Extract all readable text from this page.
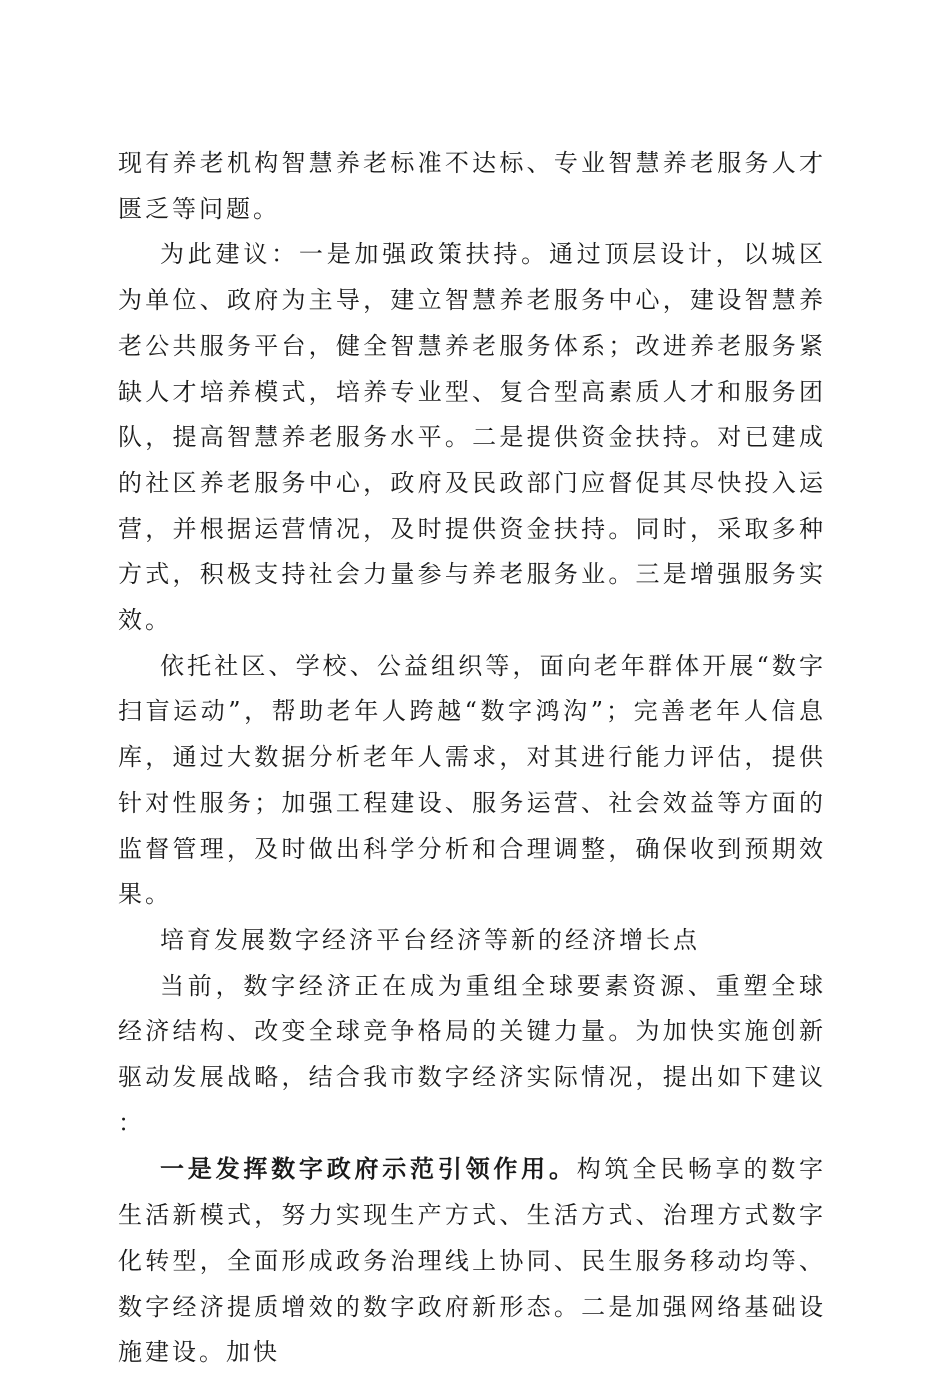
现有养老机构智慧养老标准不达标、专业智慧养老服务人才匮乏等问题。

为此建议：一是加强政策扶持。通过顶层设计，以城区为单位、政府为主导，建立智慧养老服务中心，建设智慧养老公共服务平台，健全智慧养老服务体系；改进养老服务紧缺人才培养模式，培养专业型、复合型高素质人才和服务团队，提高智慧养老服务水平。二是提供资金扶持。对已建成的社区养老服务中心，政府及民政部门应督促其尽快投入运营，并根据运营情况，及时提供资金扶持。同时，采取多种方式，积极支持社会力量参与养老服务业。三是增强服务实效。

依托社区、学校、公益组织等，面向老年群体开展“数字扫盲运动”，帮助老年人跨越“数字鸿沟”；完善老年人信息库，通过大数据分析老年人需求，对其进行能力评估，提供针对性服务；加强工程建设、服务运营、社会效益等方面的监督管理，及时做出科学分析和合理调整，确保收到预期效果。

培育发展数字经济平台经济等新的经济增长点

当前，数字经济正在成为重组全球要素资源、重塑全球经济结构、改变全球竞争格局的关键力量。为加快实施创新驱动发展战略，结合我市数字经济实际情况，提出如下建议：

一是发挥数字政府示范引领作用。构筑全民畅享的数字生活新模式，努力实现生产方式、生活方式、治理方式数字化转型，全面形成政务治理线上协同、民生服务移动均等、数字经济提质增效的数字政府新形态。二是加强网络基础设施建设。加快
